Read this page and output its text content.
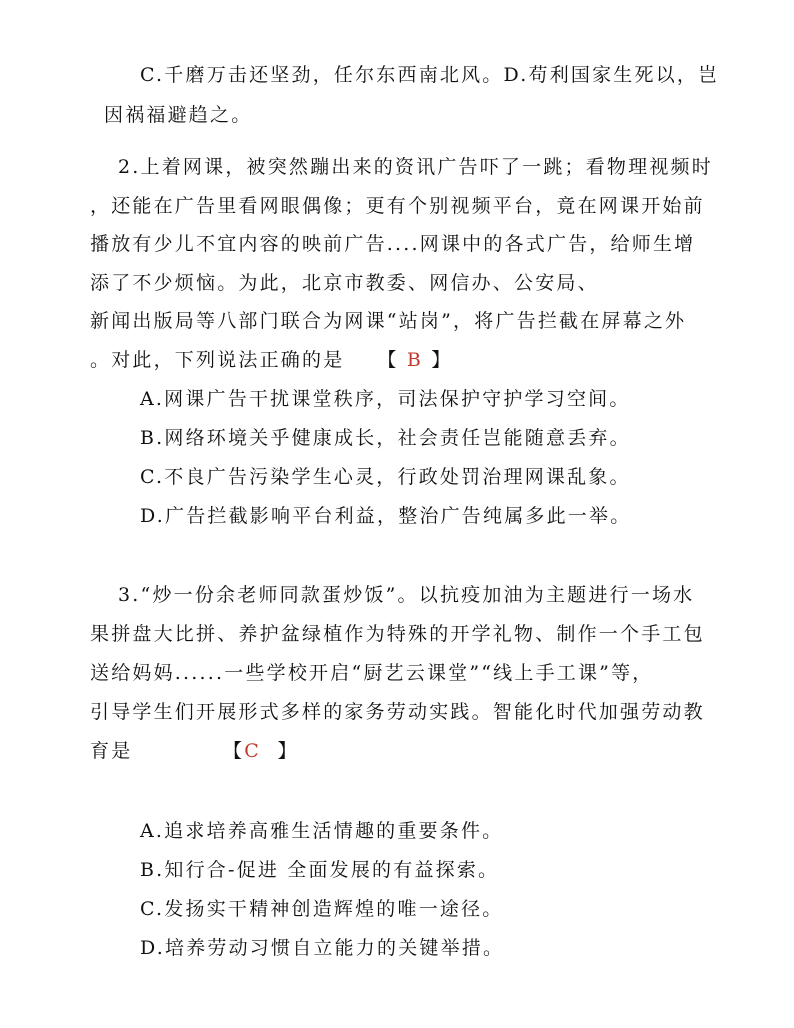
C.千磨万击还坚劲，任尔东西南北风。D.苟利国家生死以，岂
因祸福避趋之。
2.上着网课，被突然蹦出来的资讯广告吓了一跳；看物理视频时
，还能在广告里看网眼偶像；更有个别视频平台，竟在网课开始前
播放有少儿不宜内容的映前广告....网课中的各式广告，给师生增
添了不少烦恼。为此，北京市教委、网信办、公安局、
新闻出版局等八部门联合为网课“站岗”，将广告拦截在屏幕之外
。对此，下列说法正确的是 【 B 】
A.网课广告干扰课堂秩序，司法保护守护学习空间。
B.网络环境关乎健康成长，社会责任岂能随意丢弃。
C.不良广告污染学生心灵，行政处罚治理网课乱象。
D.广告拦截影响平台利益，整治广告纯属多此一举。
3.“炒一份余老师同款蛋炒饭”。以抗疫加油为主题进行一场水
果拼盘大比拼、养护盆绿植作为特殊的开学礼物、制作一个手工包
送给妈妈......一些学校开启“厨艺云课堂”“线上手工课”等，
引导学生们开展形式多样的家务劳动实践。智能化时代加强劳动教
育是	【C 】
A.追求培养高雅生活情趣的重要条件。
B.知行合-促进 全面发展的有益探索。
C.发扬实干精神创造辉煌的唯一途径。
D.培养劳动习惯自立能力的关键举措。
